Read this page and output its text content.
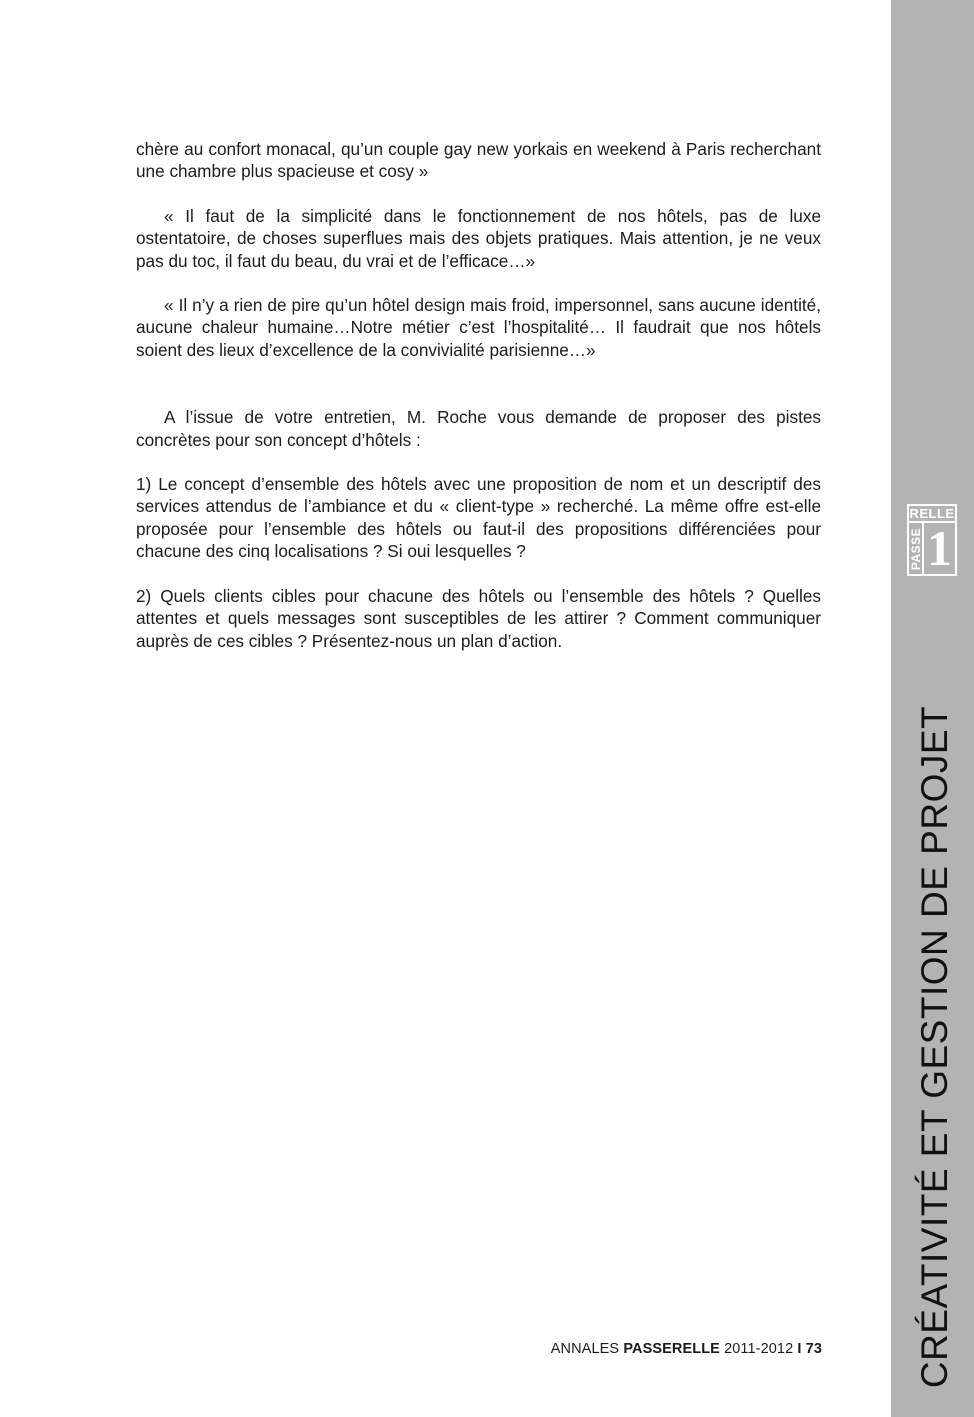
chère au confort monacal, qu’un couple gay new yorkais en weekend à Paris recherchant une chambre plus spacieuse et cosy »

« Il faut de la simplicité dans le fonctionnement de nos hôtels, pas de luxe ostentatoire, de choses superflues mais des objets pratiques. Mais attention, je ne veux pas du toc, il faut du beau, du vrai et de l’efficace…»

« Il n’y a rien de pire qu’un hôtel design mais froid, impersonnel, sans aucune identité, aucune chaleur humaine…Notre métier c’est l’hospitalité… Il faudrait que nos hôtels soient des lieux d’excellence de la convivialité parisienne…»

A l’issue de votre entretien, M. Roche vous demande de proposer des pistes concrètes pour son concept d’hôtels :

1) Le concept d’ensemble des hôtels avec une proposition de nom et un descriptif des services attendus de l’ambiance et du « client-type » recherché. La même offre est-elle proposée pour l’ensemble des hôtels ou faut-il des propositions différenciées pour chacune des cinq localisations ? Si oui lesquelles ?

2) Quels clients cibles pour chacune des hôtels ou l’ensemble des hôtels ? Quelles attentes et quels messages sont susceptibles de les attirer ? Comment communiquer auprès de ces cibles ? Présentez-nous un plan d’action.

ANNALES PASSERELLE 2011-2012 I 73
RELLE
PASSE 1
CRÉATIVITÉ ET GESTION DE PROJET
